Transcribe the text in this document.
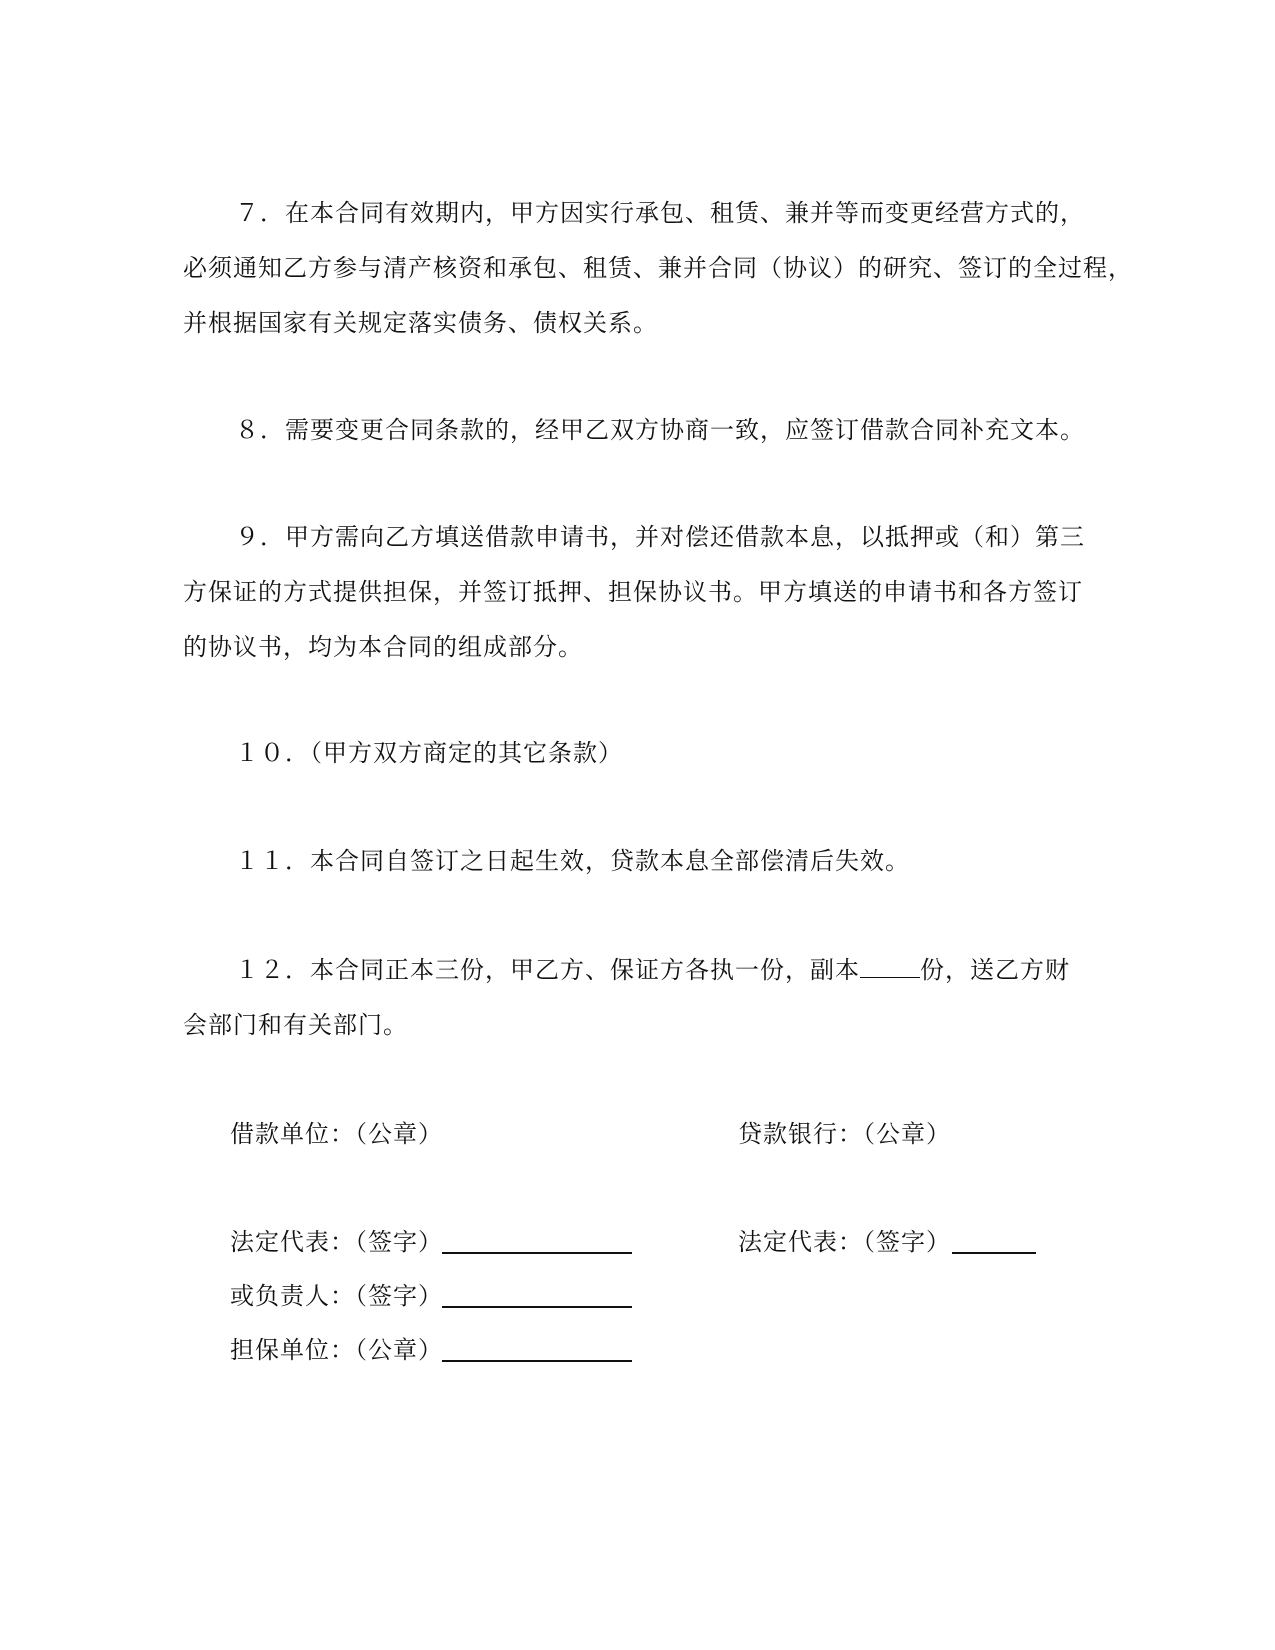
７．在本合同有效期内，甲方因实行承包、租赁、兼并等而变更经营方式的，
必须通知乙方参与清产核资和承包、租赁、兼并合同（协议）的研究、签订的全过程，
并根据国家有关规定落实债务、债权关系。
８．需要变更合同条款的，经甲乙双方协商一致，应签订借款合同补充文本。
９．甲方需向乙方填送借款申请书，并对偿还借款本息，以抵押或（和）第三
方保证的方式提供担保，并签订抵押、担保协议书。甲方填送的申请书和各方签订
的协议书，均为本合同的组成部分。
１０．（甲方双方商定的其它条款）
１１．本合同自签订之日起生效，贷款本息全部偿清后失效。
１２．本合同正本三份，甲乙方、保证方各执一份，副本	份，送乙方财
会部门和有关部门。
借款单位：（公章）	贷款银行：（公章）
法定代表：（签字）	法定代表：（签字）
或负责人：（签字）
担保单位：（公章）
